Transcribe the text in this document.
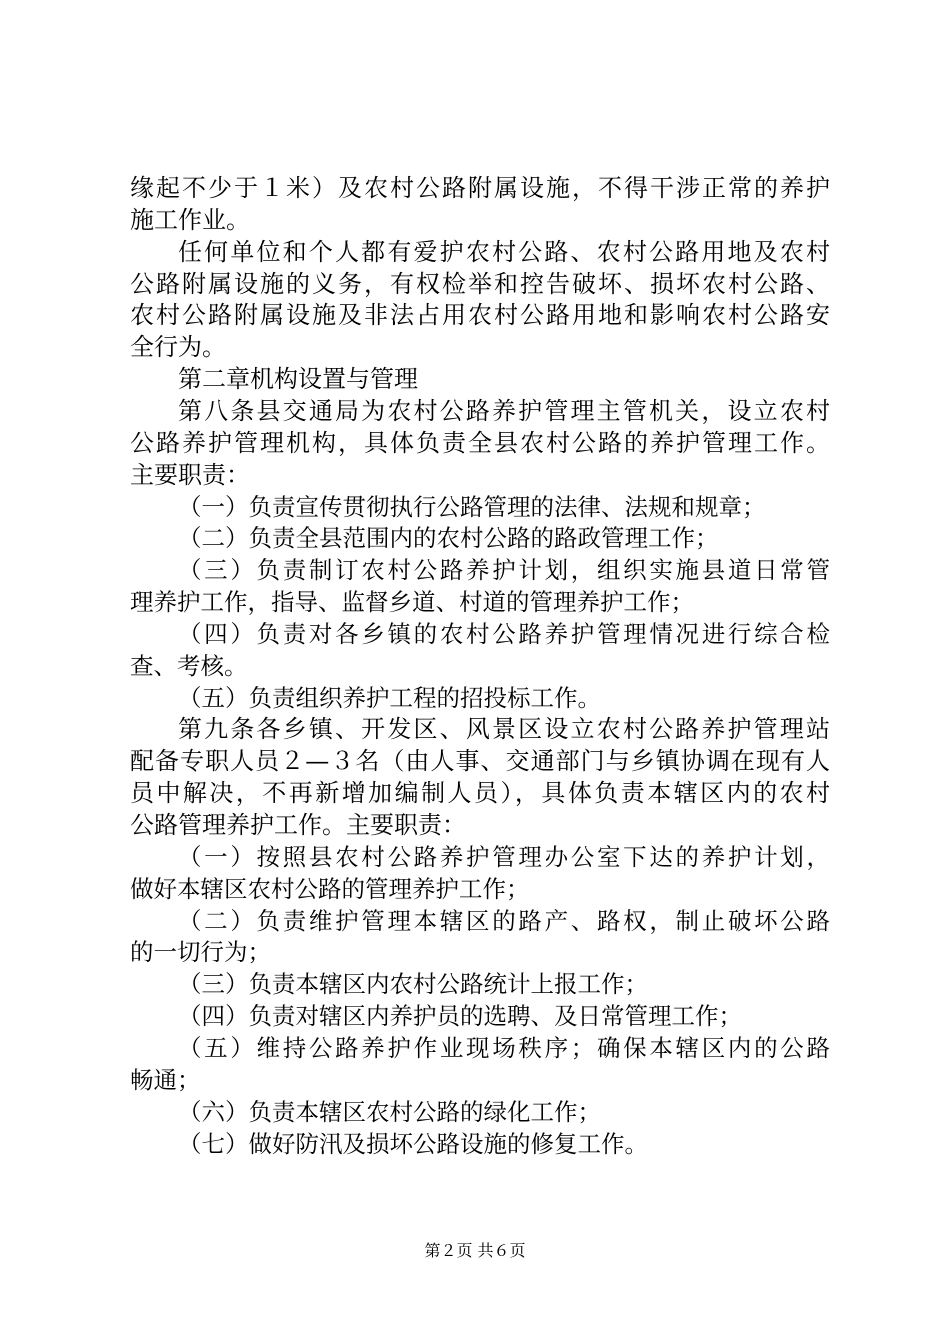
缘起不少于１米）及农村公路附属设施，不得干涉正常的养护
施工作业。
任何单位和个人都有爱护农村公路、农村公路用地及农村
公路附属设施的义务，有权检举和控告破坏、损坏农村公路、
农村公路附属设施及非法占用农村公路用地和影响农村公路安
全行为。
第二章机构设置与管理
第八条县交通局为农村公路养护管理主管机关，设立农村
公路养护管理机构，具体负责全县农村公路的养护管理工作。
主要职责：
（一）负责宣传贯彻执行公路管理的法律、法规和规章；
（二）负责全县范围内的农村公路的路政管理工作；
（三）负责制订农村公路养护计划，组织实施县道日常管
理养护工作，指导、监督乡道、村道的管理养护工作；
（四）负责对各乡镇的农村公路养护管理情况进行综合检
查、考核。
（五）负责组织养护工程的招投标工作。
第九条各乡镇、开发区、风景区设立农村公路养护管理站
配备专职人员２—３名（由人事、交通部门与乡镇协调在现有人
员中解决，不再新增加编制人员），具体负责本辖区内的农村
公路管理养护工作。主要职责：
（一）按照县农村公路养护管理办公室下达的养护计划，
做好本辖区农村公路的管理养护工作；
（二）负责维护管理本辖区的路产、路权，制止破坏公路
的一切行为；
（三）负责本辖区内农村公路统计上报工作；
（四）负责对辖区内养护员的选聘、及日常管理工作；
（五）维持公路养护作业现场秩序；确保本辖区内的公路
畅通；
（六）负责本辖区农村公路的绿化工作；
（七）做好防汛及损坏公路设施的修复工作。
第２页 共６页
